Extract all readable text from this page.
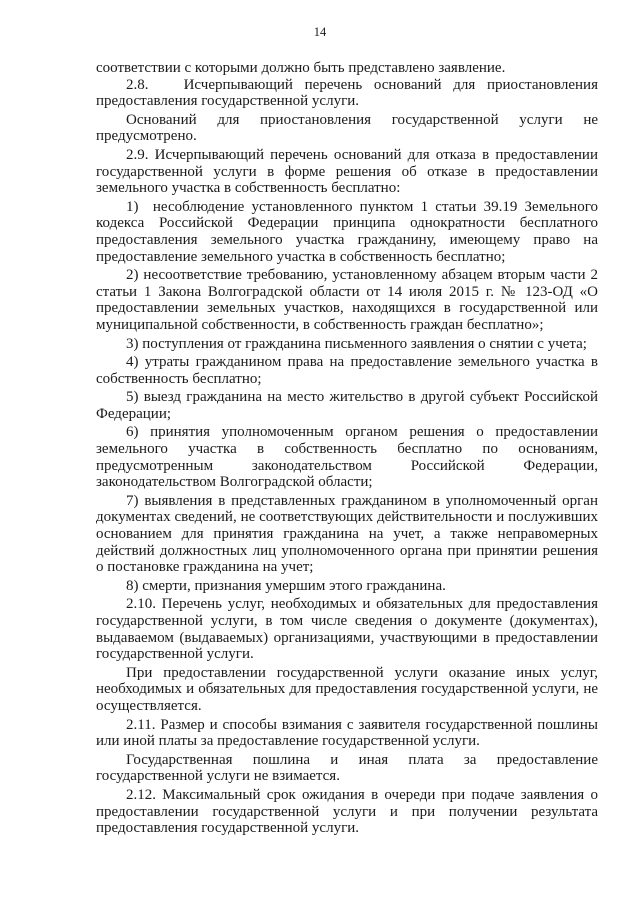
14

соответствии с которыми должно быть представлено заявление.

2.8.   Исчерпывающий перечень оснований для приостановления предоставления государственной услуги.

Оснований для приостановления государственной услуги не предусмотрено.

2.9. Исчерпывающий перечень оснований для отказа в предоставлении государственной услуги в форме решения об отказе в предоставлении земельного участка в собственность бесплатно:

1)  несоблюдение установленного пунктом 1 статьи 39.19 Земельного кодекса Российской Федерации принципа однократности бесплатного предоставления земельного участка гражданину, имеющему право на предоставление земельного участка в собственность бесплатно;

2) несоответствие требованию, установленному абзацем вторым части 2 статьи 1 Закона Волгоградской области от 14 июля 2015 г. № 123-ОД «О предоставлении земельных участков, находящихся в государственной или муниципальной собственности, в собственность граждан бесплатно»;

3) поступления от гражданина письменного заявления о снятии с учета;

4) утраты гражданином права на предоставление земельного участка в собственность бесплатно;

5) выезд гражданина на место жительство в другой субъект Российской Федерации;

6) принятия уполномоченным органом решения о предоставлении земельного участка в собственность бесплатно по основаниям, предусмотренным законодательством Российской Федерации, законодательством Волгоградской области;

7) выявления в представленных гражданином в уполномоченный орган документах сведений, не соответствующих действительности и послуживших основанием для принятия гражданина на учет, а также неправомерных действий должностных лиц уполномоченного органа при принятии решения о постановке гражданина на учет;

8) смерти, признания умершим этого гражданина.

2.10. Перечень услуг, необходимых и обязательных для предоставления государственной услуги, в том числе сведения о документе (документах), выдаваемом (выдаваемых) организациями, участвующими в предоставлении государственной услуги.

При предоставлении государственной услуги оказание иных услуг, необходимых и обязательных для предоставления государственной услуги, не осуществляется.

2.11. Размер и способы взимания с заявителя государственной пошлины или иной платы за предоставление государственной услуги.

Государственная пошлина и иная плата за предоставление государственной услуги не взимается.

2.12. Максимальный срок ожидания в очереди при подаче заявления о предоставлении государственной услуги и при получении результата предоставления государственной услуги.
